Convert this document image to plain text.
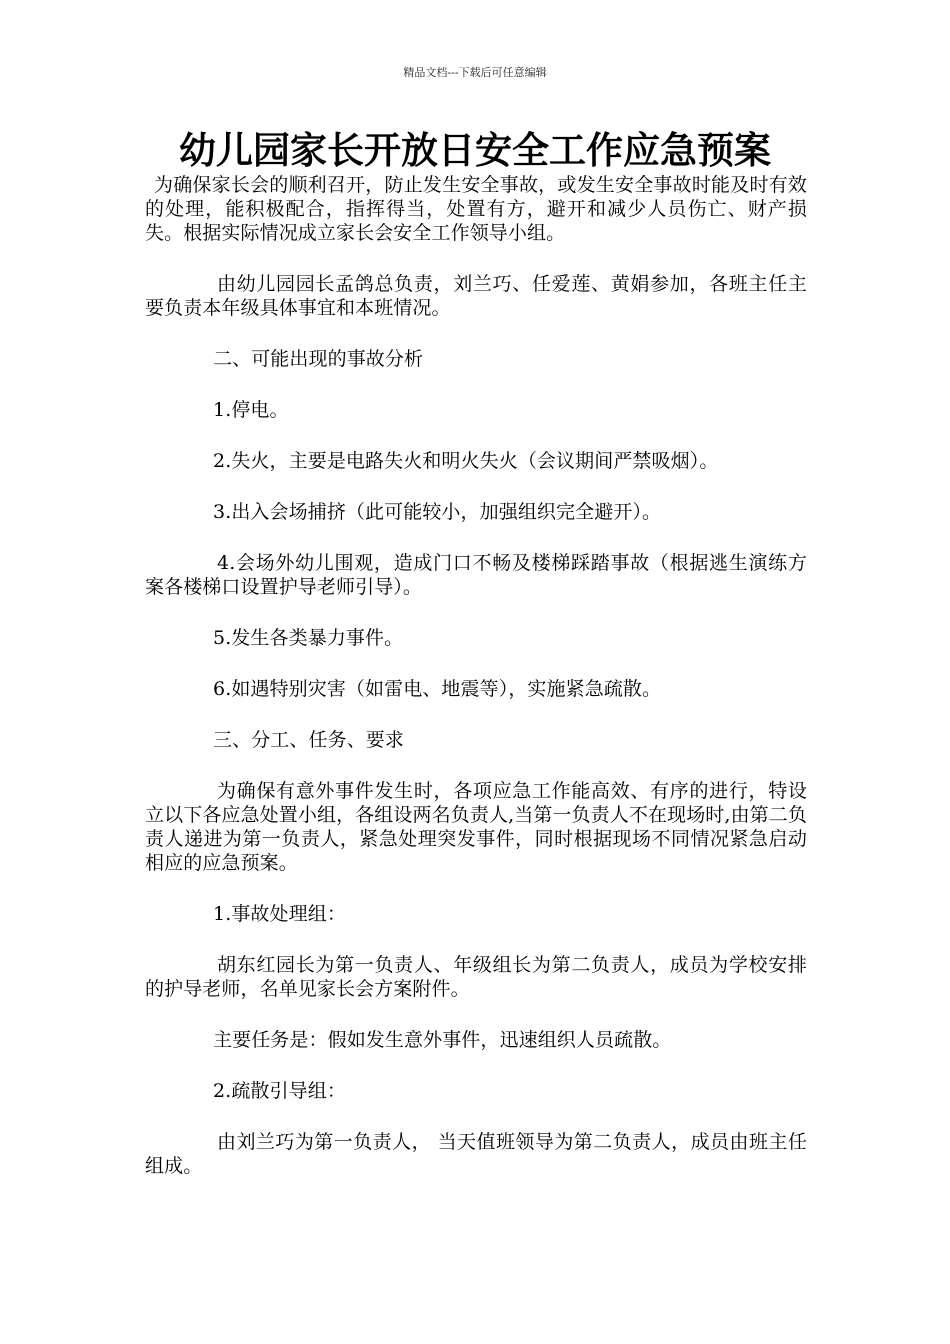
精品文档---下载后可任意编辑
幼儿园家长开放日安全工作应急预案

为确保家长会的顺利召开，防止发生安全事故，或发生安全事故时能及时有效的处理，能积极配合，指挥得当，处置有方，避开和减少人员伤亡、财产损失。根据实际情况成立家长会安全工作领导小组。

由幼儿园园长孟鸽总负责，刘兰巧、任爱莲、黄娟参加，各班主任主要负责本年级具体事宜和本班情况。

二、可能出现的事故分析

1.停电。

2.失火，主要是电路失火和明火失火（会议期间严禁吸烟）。

3.出入会场捕挤（此可能较小，加强组织完全避开）。

4.会场外幼儿围观，造成门口不畅及楼梯踩踏事故（根据逃生演练方案各楼梯口设置护导老师引导）。

5.发生各类暴力事件。

6.如遇特别灾害（如雷电、地震等），实施紧急疏散。

三、分工、任务、要求

为确保有意外事件发生时，各项应急工作能高效、有序的进行，特设立以下各应急处置小组，各组设两名负责人,当第一负责人不在现场时,由第二负责人递进为第一负责人，紧急处理突发事件，同时根据现场不同情况紧急启动相应的应急预案。

1.事故处理组：

胡东红园长为第一负责人、年级组长为第二负责人，成员为学校安排的护导老师，名单见家长会方案附件。

主要任务是：假如发生意外事件，迅速组织人员疏散。

2.疏散引导组：

由刘兰巧为第一负责人， 当天值班领导为第二负责人，成员由班主任组成。
